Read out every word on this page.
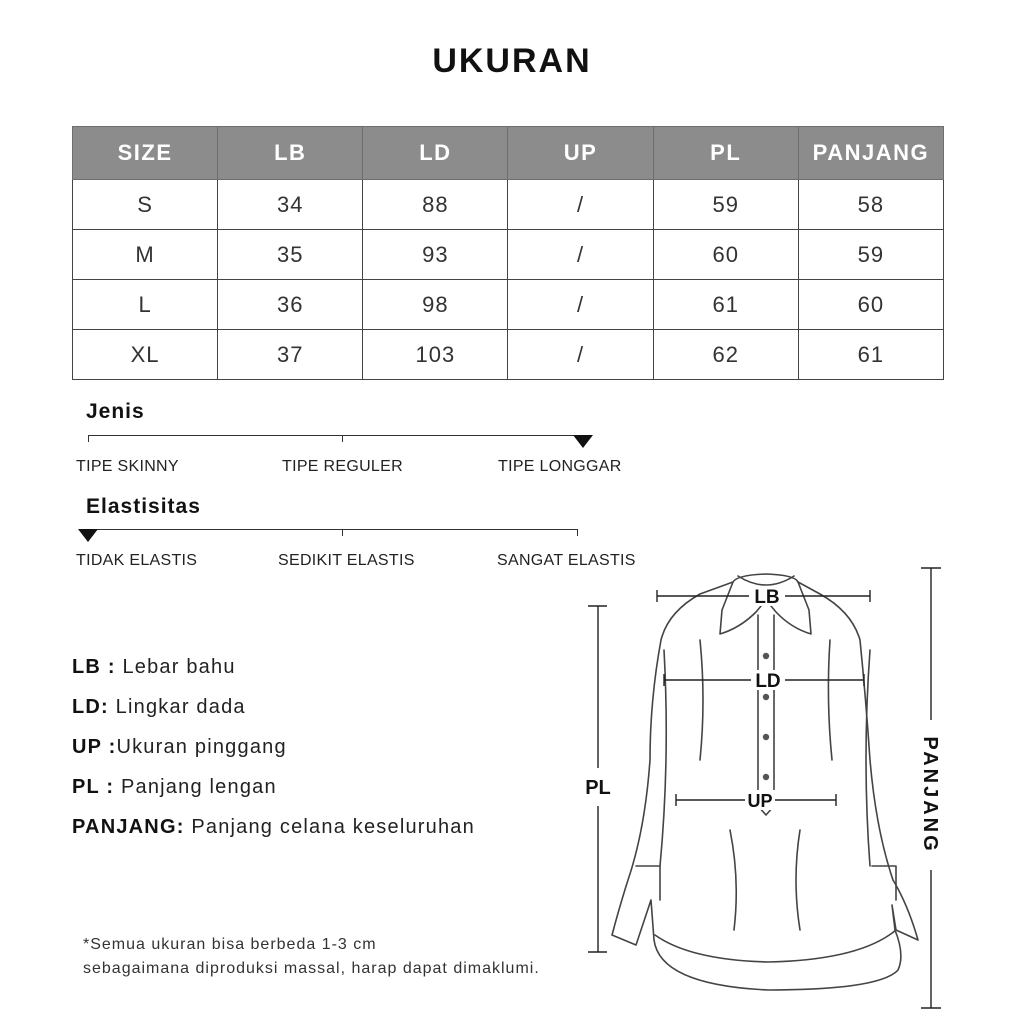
UKURAN
SIZE	LB	LD	UP	PL	PANJANG
S	34	88	/	59	58
M	35	93	/	60	59
L	36	98	/	61	60
XL	37	103	/	62	61
Jenis
TIPE SKINNY	TIPE REGULER	TIPE LONGGAR
Elastisitas
TIDAK ELASTIS	SEDIKIT ELASTIS	SANGAT ELASTIS
LB : Lebar bahu
LD: Lingkar dada
UP :Ukuran pinggang
PL : Panjang lengan
PANJANG: Panjang celana keseluruhan
*Semua ukuran bisa berbeda 1-3 cm
sebagaimana diproduksi massal, harap dapat dimaklumi.
LB
LD
UP
PL	PANJANG
